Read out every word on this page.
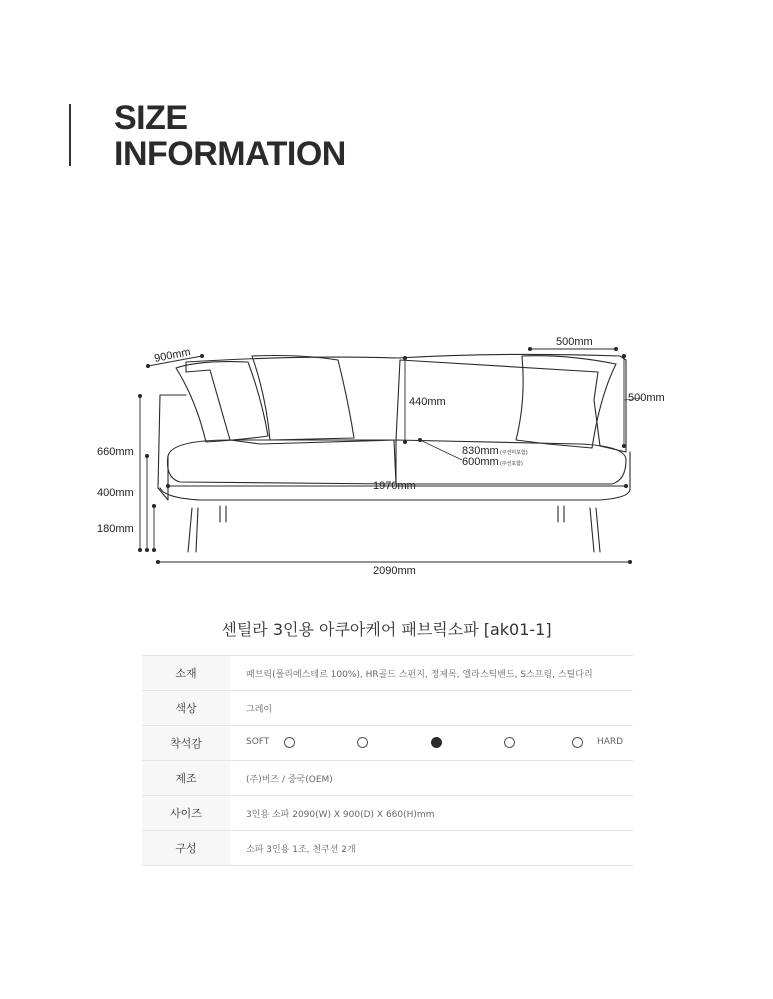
SIZE
INFORMATION
900mm
500mm
500mm
440mm
830mm (쿠션미포함)
600mm (쿠션포함)
1970mm
660mm
400mm
180mm
2090mm
센틸라 3인용 아쿠아케어 패브릭소파 [ak01-1]
소재	패브릭(폴리에스테르 100%), HR골드 스펀지, 정제목, 엘라스틱밴드, S스프링, 스틸다리
색상	그레이
착석감	SOFT HARD

제조	(주)버즈 / 중국(OEM)
사이즈	3인용 소파 2090(W) X 900(D) X 660(H)mm
구성	소파 3인용 1조, 천쿠션 2개
